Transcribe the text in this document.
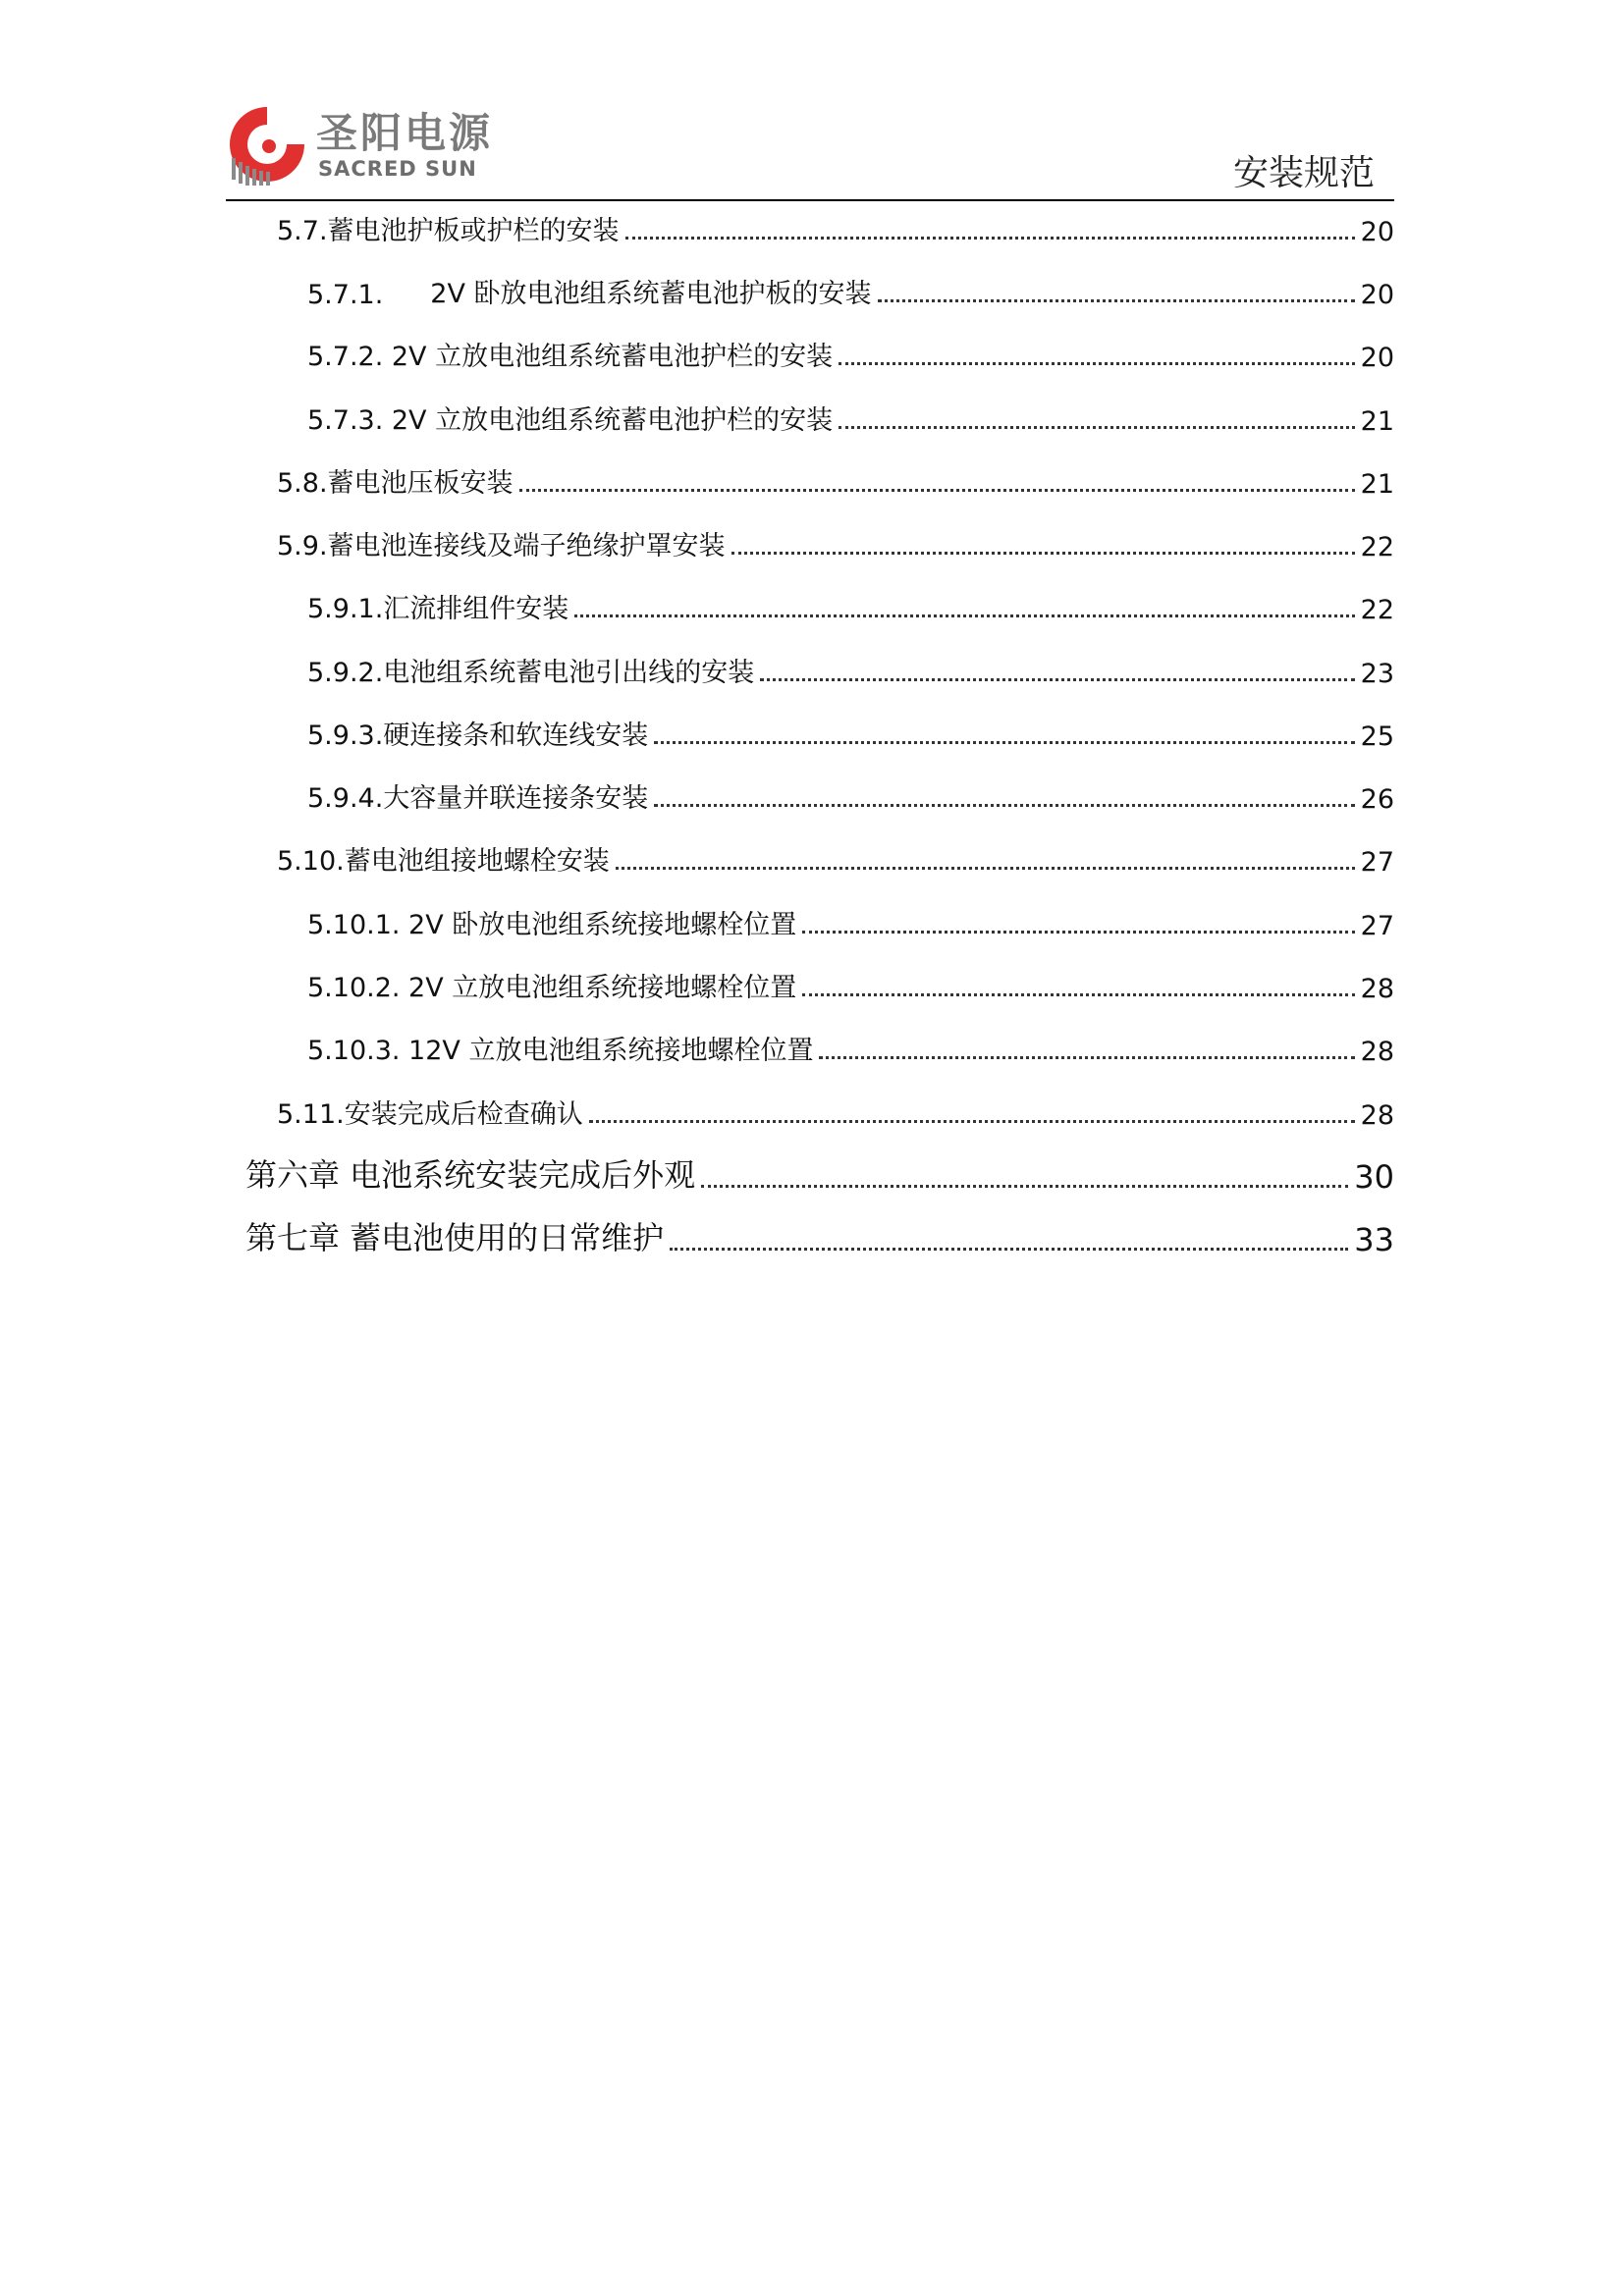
圣阳电源
SACRED SUN	安装规范
5.7.蓄电池护板或护栏的安装	20
5.7.1. 2V 卧放电池组系统蓄电池护板的安装	20
5.7.2. 2V 立放电池组系统蓄电池护栏的安装	20
5.7.3. 2V 立放电池组系统蓄电池护栏的安装	21
5.8.蓄电池压板安装	21
5.9.蓄电池连接线及端子绝缘护罩安装	22
5.9.1.汇流排组件安装	22
5.9.2.电池组系统蓄电池引出线的安装	23
5.9.3.硬连接条和软连线安装	25
5.9.4.大容量并联连接条安装	26
5.10.蓄电池组接地螺栓安装	27
5.10.1. 2V 卧放电池组系统接地螺栓位置	27
5.10.2. 2V 立放电池组系统接地螺栓位置	28
5.10.3. 12V 立放电池组系统接地螺栓位置	28
5.11.安装完成后检查确认	28
第六章 电池系统安装完成后外观	30
第七章 蓄电池使用的日常维护	33
